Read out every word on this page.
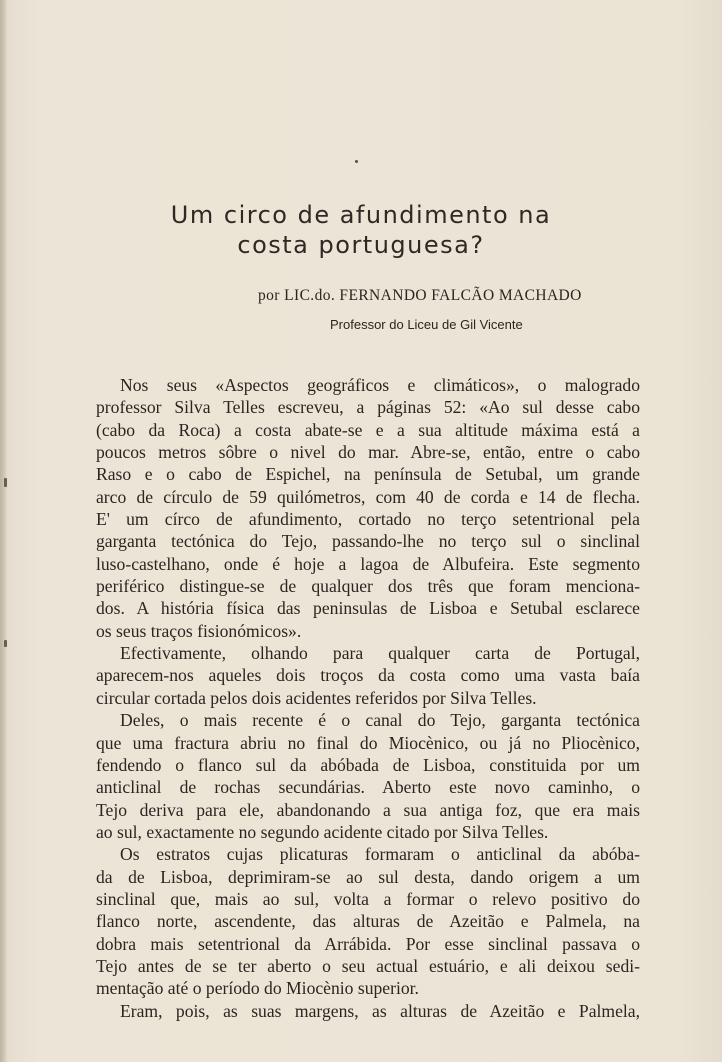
Um circo de afundimento na
costa portuguesa?
por LIC.do. FERNANDO FALCÃO MACHADO
Professor do Liceu de Gil Vicente
Nos seus «Aspectos geográficos e climáticos», o malogrado
professor Silva Telles escreveu, a páginas 52: «Ao sul desse cabo
(cabo da Roca) a costa abate-se e a sua altitude máxima está a
poucos metros sôbre o nivel do mar. Abre-se, então, entre o cabo
Raso e o cabo de Espichel, na península de Setubal, um grande
arco de círculo de 59 quilómetros, com 40 de corda e 14 de flecha.
E' um círco de afundimento, cortado no terço setentrional pela
garganta tectónica do Tejo, passando-lhe no terço sul o sinclinal
luso-castelhano, onde é hoje a lagoa de Albufeira. Este segmento
periférico distingue-se de qualquer dos três que foram menciona-
dos. A história física das peninsulas de Lisboa e Setubal esclarece
os seus traços fisionómicos».
Efectivamente, olhando para qualquer carta de Portugal,
aparecem-nos aqueles dois troços da costa como uma vasta baía
circular cortada pelos dois acidentes referidos por Silva Telles.
Deles, o mais recente é o canal do Tejo, garganta tectónica
que uma fractura abriu no final do Miocènico, ou já no Pliocènico,
fendendo o flanco sul da abóbada de Lisboa, constituida por um
anticlinal de rochas secundárias. Aberto este novo caminho, o
Tejo deriva para ele, abandonando a sua antiga foz, que era mais
ao sul, exactamente no segundo acidente citado por Silva Telles.
Os estratos cujas plicaturas formaram o anticlinal da abóba-
da de Lisboa, deprimiram-se ao sul desta, dando origem a um
sinclinal que, mais ao sul, volta a formar o relevo positivo do
flanco norte, ascendente, das alturas de Azeitão e Palmela, na
dobra mais setentrional da Arrábida. Por esse sinclinal passava o
Tejo antes de se ter aberto o seu actual estuário, e ali deixou sedi-
mentação até o período do Miocènio superior.
Eram, pois, as suas margens, as alturas de Azeitão e Palmela,
